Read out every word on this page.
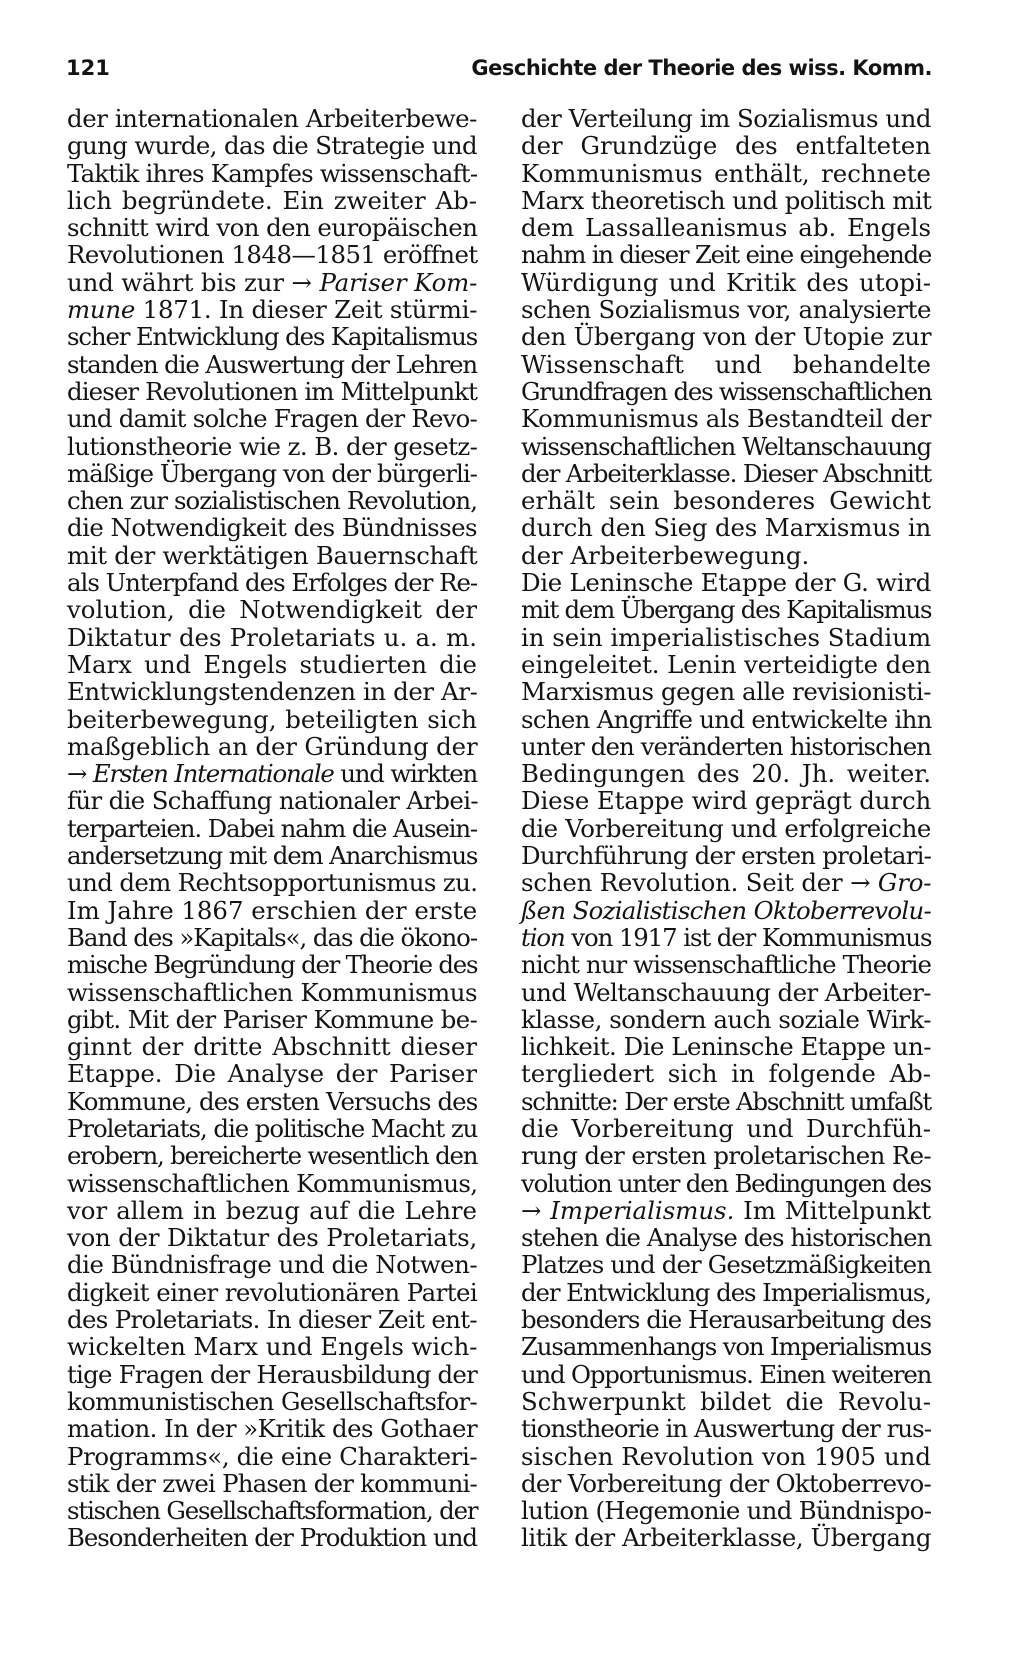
121	Geschichte der Theorie des wiss. Komm.
der internationalen Arbeiterbewe-
gung wurde, das die Strategie und
Taktik ihres Kampfes wissenschaft-
lich begründete. Ein zweiter Ab-
schnitt wird von den europäischen
Revolutionen 1848—1851 eröffnet
und währt bis zur → Pariser Kom-
mune 1871. In dieser Zeit stürmi-
scher Entwicklung des Kapitalismus
standen die Auswertung der Lehren
dieser Revolutionen im Mittelpunkt
und damit solche Fragen der Revo-
lutionstheorie wie z. B. der gesetz-
mäßige Übergang von der bürgerli-
chen zur sozialistischen Revolution,
die Notwendigkeit des Bündnisses
mit der werktätigen Bauernschaft
als Unterpfand des Erfolges der Re-
volution, die Notwendigkeit der
Diktatur des Proletariats u. a. m.
Marx und Engels studierten die
Entwicklungstendenzen in der Ar-
beiterbewegung, beteiligten sich
maßgeblich an der Gründung der
→ Ersten Internationale und wirkten
für die Schaffung nationaler Arbei-
terparteien. Dabei nahm die Ausein-
andersetzung mit dem Anarchismus
und dem Rechtsopportunismus zu.
Im Jahre 1867 erschien der erste
Band des »Kapitals«, das die ökono-
mische Begründung der Theorie des
wissenschaftlichen Kommunismus
gibt. Mit der Pariser Kommune be-
ginnt der dritte Abschnitt dieser
Etappe. Die Analyse der Pariser
Kommune, des ersten Versuchs des
Proletariats, die politische Macht zu
erobern, bereicherte wesentlich den
wissenschaftlichen Kommunismus,
vor allem in bezug auf die Lehre
von der Diktatur des Proletariats,
die Bündnisfrage und die Notwen-
digkeit einer revolutionären Partei
des Proletariats. In dieser Zeit ent-
wickelten Marx und Engels wich-
tige Fragen der Herausbildung der
kommunistischen Gesellschaftsfor-
mation. In der »Kritik des Gothaer
Programms«, die eine Charakteri-
stik der zwei Phasen der kommuni-
stischen Gesellschaftsformation, der
Besonderheiten der Produktion und
der Verteilung im Sozialismus und
der Grundzüge des entfalteten
Kommunismus enthält, rechnete
Marx theoretisch und politisch mit
dem Lassalleanismus ab. Engels
nahm in dieser Zeit eine eingehende
Würdigung und Kritik des utopi-
schen Sozialismus vor, analysierte
den Übergang von der Utopie zur
Wissenschaft und behandelte
Grundfragen des wissenschaftlichen
Kommunismus als Bestandteil der
wissenschaftlichen Weltanschauung
der Arbeiterklasse. Dieser Abschnitt
erhält sein besonderes Gewicht
durch den Sieg des Marxismus in
der Arbeiterbewegung.
Die Leninsche Etappe der G. wird
mit dem Übergang des Kapitalismus
in sein imperialistisches Stadium
eingeleitet. Lenin verteidigte den
Marxismus gegen alle revisionisti-
schen Angriffe und entwickelte ihn
unter den veränderten historischen
Bedingungen des 20. Jh. weiter.
Diese Etappe wird geprägt durch
die Vorbereitung und erfolgreiche
Durchführung der ersten proletari-
schen Revolution. Seit der → Gro-
ßen Sozialistischen Oktoberrevolu-
tion von 1917 ist der Kommunismus
nicht nur wissenschaftliche Theorie
und Weltanschauung der Arbeiter-
klasse, sondern auch soziale Wirk-
lichkeit. Die Leninsche Etappe un-
tergliedert sich in folgende Ab-
schnitte: Der erste Abschnitt umfaßt
die Vorbereitung und Durchfüh-
rung der ersten proletarischen Re-
volution unter den Bedingungen des
→ Imperialismus. Im Mittelpunkt
stehen die Analyse des historischen
Platzes und der Gesetzmäßigkeiten
der Entwicklung des Imperialismus,
besonders die Herausarbeitung des
Zusammenhangs von Imperialismus
und Opportunismus. Einen weiteren
Schwerpunkt bildet die Revolu-
tionstheorie in Auswertung der rus-
sischen Revolution von 1905 und
der Vorbereitung der Oktoberrevo-
lution (Hegemonie und Bündnispo-
litik der Arbeiterklasse, Übergang
